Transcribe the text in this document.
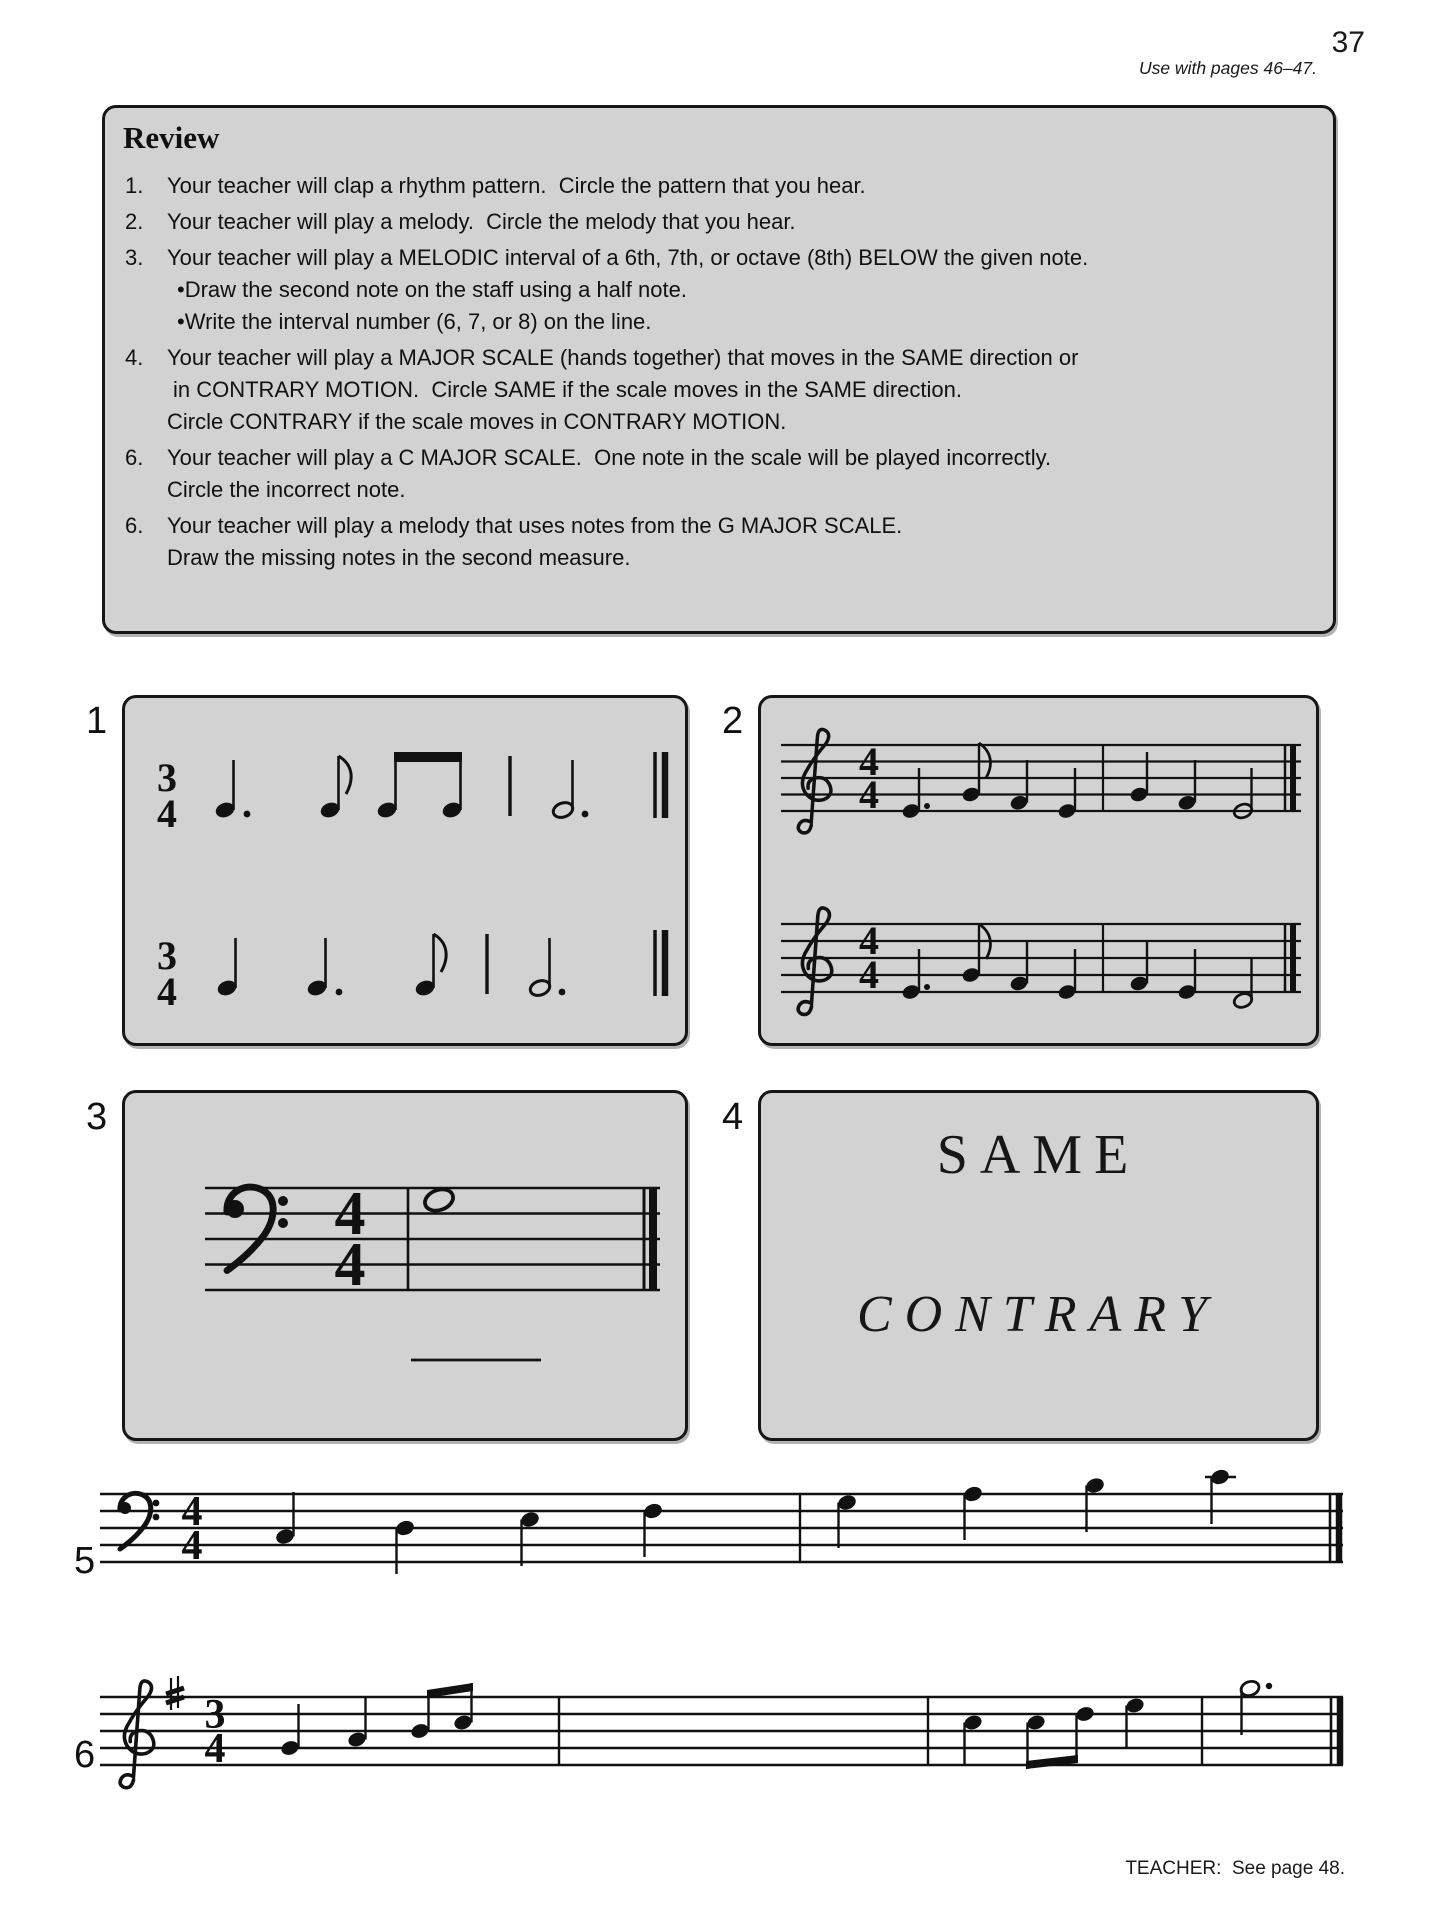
37
Use with pages 46–47.
Review
1.	Your teacher will clap a rhythm pattern.  Circle the pattern that you hear.
2.	Your teacher will play a melody.  Circle the melody that you hear.
3.	Your teacher will play a MELODIC interval of a 6th, 7th, or octave (8th) BELOW the given note.
•Draw the second note on the staff using a half note.
•Write the interval number (6, 7, or 8) on the line.
4.	Your teacher will play a MAJOR SCALE (hands together) that moves in the SAME direction or
in CONTRARY MOTION.  Circle SAME if the scale moves in the SAME direction.
Circle CONTRARY if the scale moves in CONTRARY MOTION.
6.	Your teacher will play a C MAJOR SCALE.  One note in the scale will be played incorrectly.
Circle the incorrect note.
6.	Your teacher will play a melody that uses notes from the G MAJOR SCALE.
Draw the missing notes in the second measure.
1
3
4
3
4
2
4
4
4
4
3
4
4
4
SAME
CONTRARY
5
4
4
6
3
4
TEACHER:  See page 48.
